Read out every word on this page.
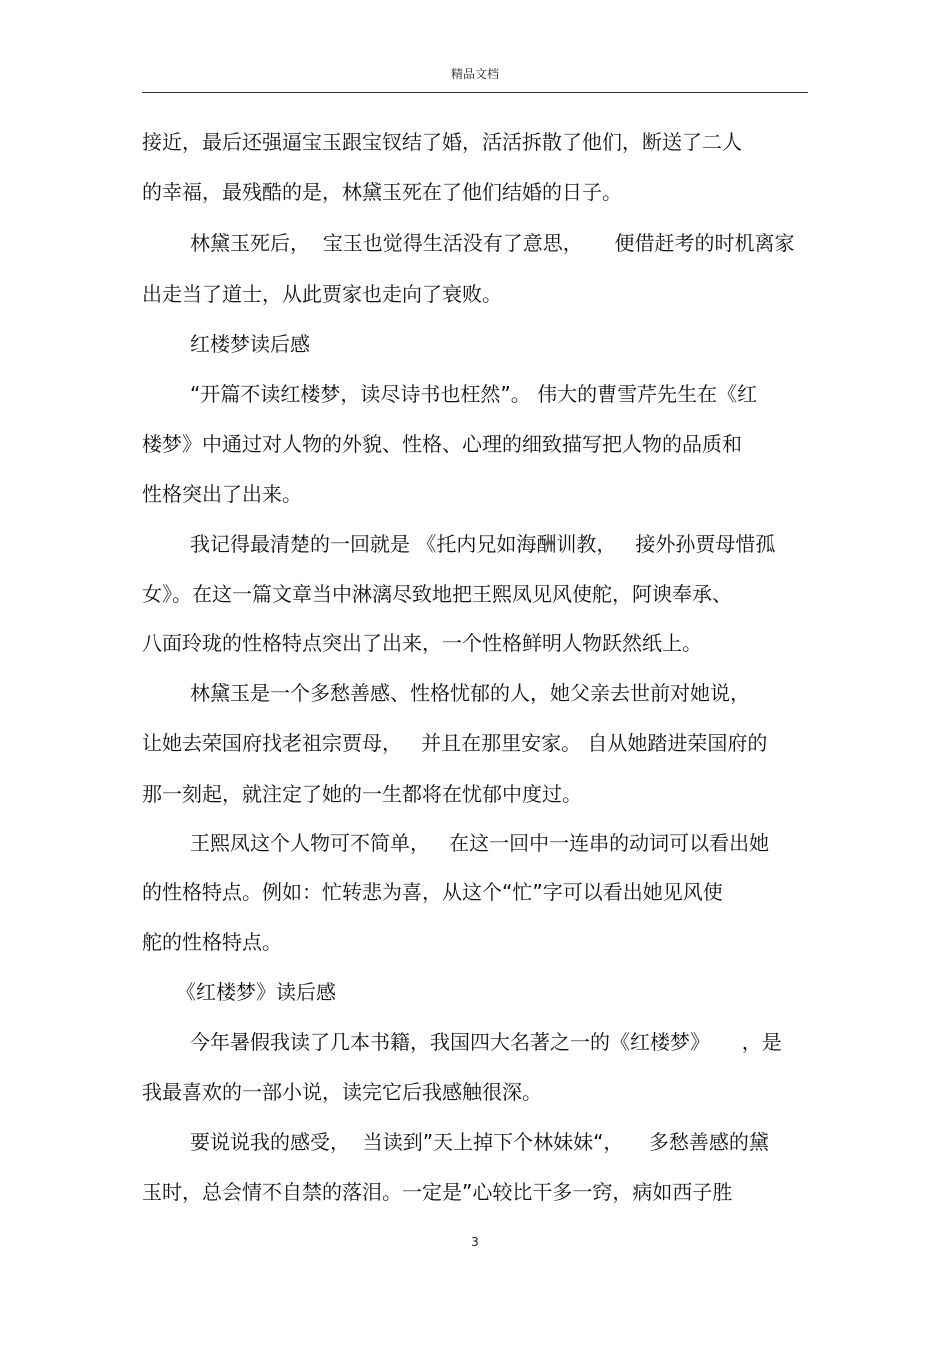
精品文档
接近，最后还强逼宝玉跟宝钗结了婚，活活拆散了他们，断送了二人
的幸福，最残酷的是，林黛玉死在了他们结婚的日子。
林黛玉死后，  宝玉也觉得生活没有了意思，     便借赶考的时机离家
出走当了道士，从此贾家也走向了衰败。
红楼梦读后感
“开篇不读红楼梦，读尽诗书也枉然”。 伟大的曹雪芹先生在《红
楼梦》中通过对人物的外貌、性格、心理的细致描写把人物的品质和
性格突出了出来。
我记得最清楚的一回就是 《托内兄如海酬训教，   接外孙贾母惜孤
女》。在这一篇文章当中淋漓尽致地把王熙凤见风使舵，阿谀奉承、
八面玲珑的性格特点突出了出来，一个性格鲜明人物跃然纸上。
林黛玉是一个多愁善感、性格忧郁的人，她父亲去世前对她说，
让她去荣国府找老祖宗贾母，   并且在那里安家。 自从她踏进荣国府的
那一刻起，就注定了她的一生都将在忧郁中度过。
王熙凤这个人物可不简单，   在这一回中一连串的动词可以看出她
的性格特点。例如：忙转悲为喜，从这个“忙”字可以看出她见风使
舵的性格特点。
《红楼梦》读后感
今年暑假我读了几本书籍，我国四大名著之一的《红楼梦》     ，是
我最喜欢的一部小说，读完它后我感触很深。
要说说我的感受，  当读到”天上掉下个林妹妹“，    多愁善感的黛
玉时，总会情不自禁的落泪。一定是”心较比干多一窍，病如西子胜
3
